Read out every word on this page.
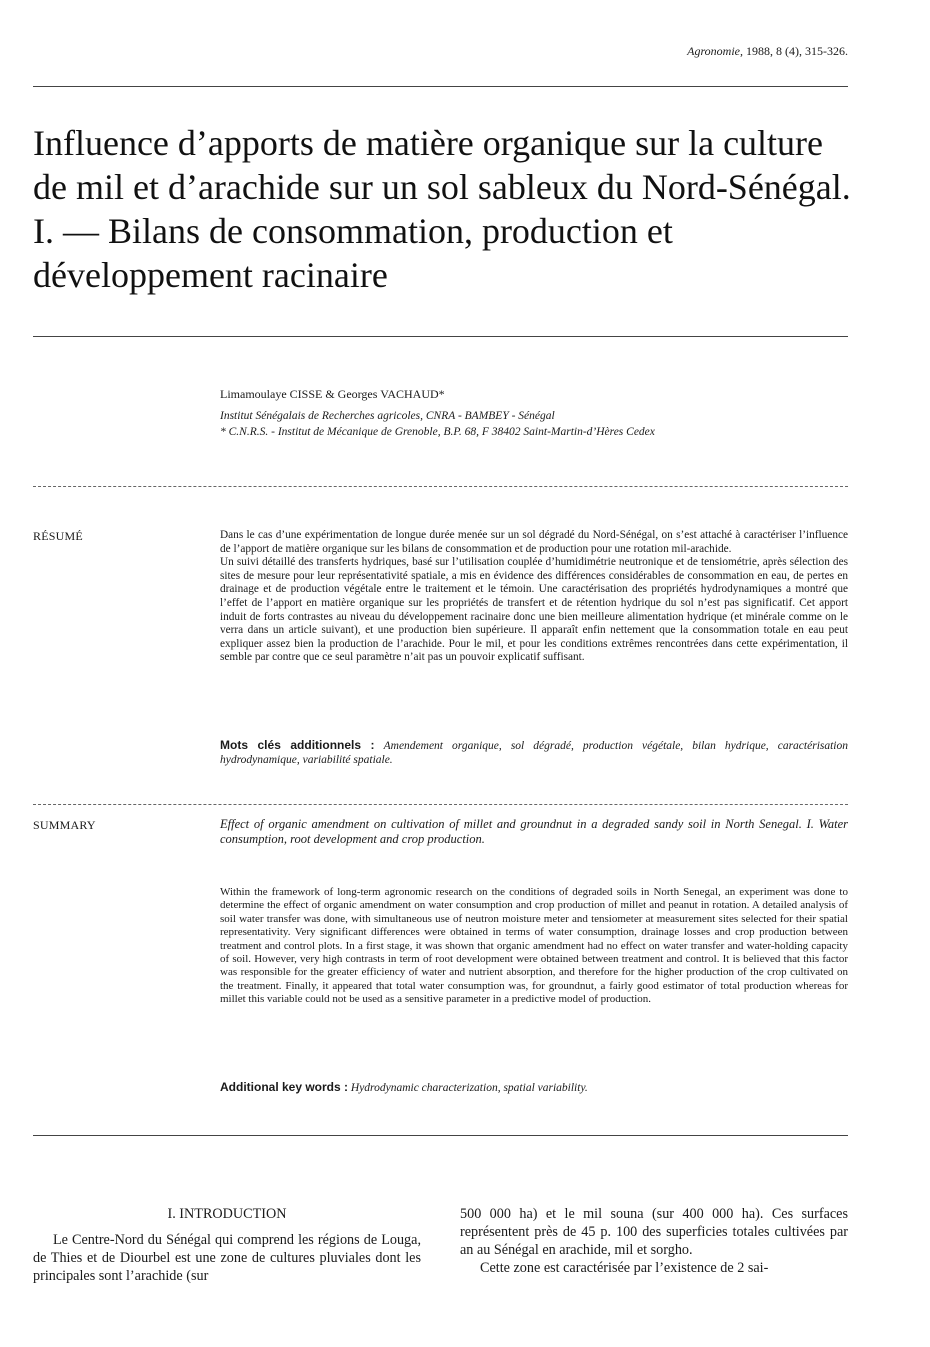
Agronomie, 1988, 8 (4), 315-326.
Influence d’apports de matière organique sur la culture de mil et d’arachide sur un sol sableux du Nord-Sénégal. I. — Bilans de consommation, production et développement racinaire
Limamoulaye CISSE & Georges VACHAUD*
Institut Sénégalais de Recherches agricoles, CNRA - BAMBEY - Sénégal
* C.N.R.S. - Institut de Mécanique de Grenoble, B.P. 68, F 38402 Saint-Martin-d’Hères Cedex
RÉSUMÉ	Dans le cas d’une expérimentation de longue durée menée sur un sol dégradé du Nord-Sénégal, on s’est attaché à caractériser l’influence de l’apport de matière organique sur les bilans de consommation et de production pour une rotation mil-arachide.

Un suivi détaillé des transferts hydriques, basé sur l’utilisation couplée d’humidimétrie neutronique et de tensiométrie, après sélection des sites de mesure pour leur représentativité spatiale, a mis en évidence des différences considérables de consommation en eau, de pertes en drainage et de production végétale entre le traitement et le témoin. Une caractérisation des propriétés hydrodynamiques a montré que l’effet de l’apport en matière organique sur les propriétés de transfert et de rétention hydrique du sol n’est pas significatif. Cet apport induit de forts contrastes au niveau du développement racinaire donc une bien meilleure alimentation hydrique (et minérale comme on le verra dans un article suivant), et une production bien supérieure. Il apparaît enfin nettement que la consommation totale en eau peut expliquer assez bien la production de l’arachide. Pour le mil, et pour les conditions extrêmes rencontrées dans cette expérimentation, il semble par contre que ce seul paramètre n’ait pas un pouvoir explicatif suffisant.

Mots clés additionnels : Amendement organique, sol dégradé, production végétale, bilan hydrique, caractérisation hydrodynamique, variabilité spatiale.
SUMMARY	Effect of organic amendment on cultivation of millet and groundnut in a degraded sandy soil in North Senegal. I. Water consumption, root development and crop production.
Within the framework of long-term agronomic research on the conditions of degraded soils in North Senegal, an experiment was done to determine the effect of organic amendment on water consumption and crop production of millet and peanut in rotation. A detailed analysis of soil water transfer was done, with simultaneous use of neutron moisture meter and tensiometer at measurement sites selected for their spatial representativity. Very significant differences were obtained in terms of water consumption, drainage losses and crop production between treatment and control plots. In a first stage, it was shown that organic amendment had no effect on water transfer and water-holding capacity of soil. However, very high contrasts in term of root development were obtained between treatment and control. It is believed that this factor was responsible for the greater efficiency of water and nutrient absorption, and therefore for the higher production of the crop cultivated on the treatment. Finally, it appeared that total water consumption was, for groundnut, a fairly good estimator of total production whereas for millet this variable could not be used as a sensitive parameter in a predictive model of production.
Additional key words : Hydrodynamic characterization, spatial variability.
I. INTRODUCTION

Le Centre-Nord du Sénégal qui comprend les régions de Louga, de Thies et de Diourbel est une zone de cultures pluviales dont les principales sont l’arachide (sur

500 000 ha) et le mil souna (sur 400 000 ha). Ces surfaces représentent près de 45 p. 100 des superficies totales cultivées par an au Sénégal en arachide, mil et sorgho.

Cette zone est caractérisée par l’existence de 2 sai-
